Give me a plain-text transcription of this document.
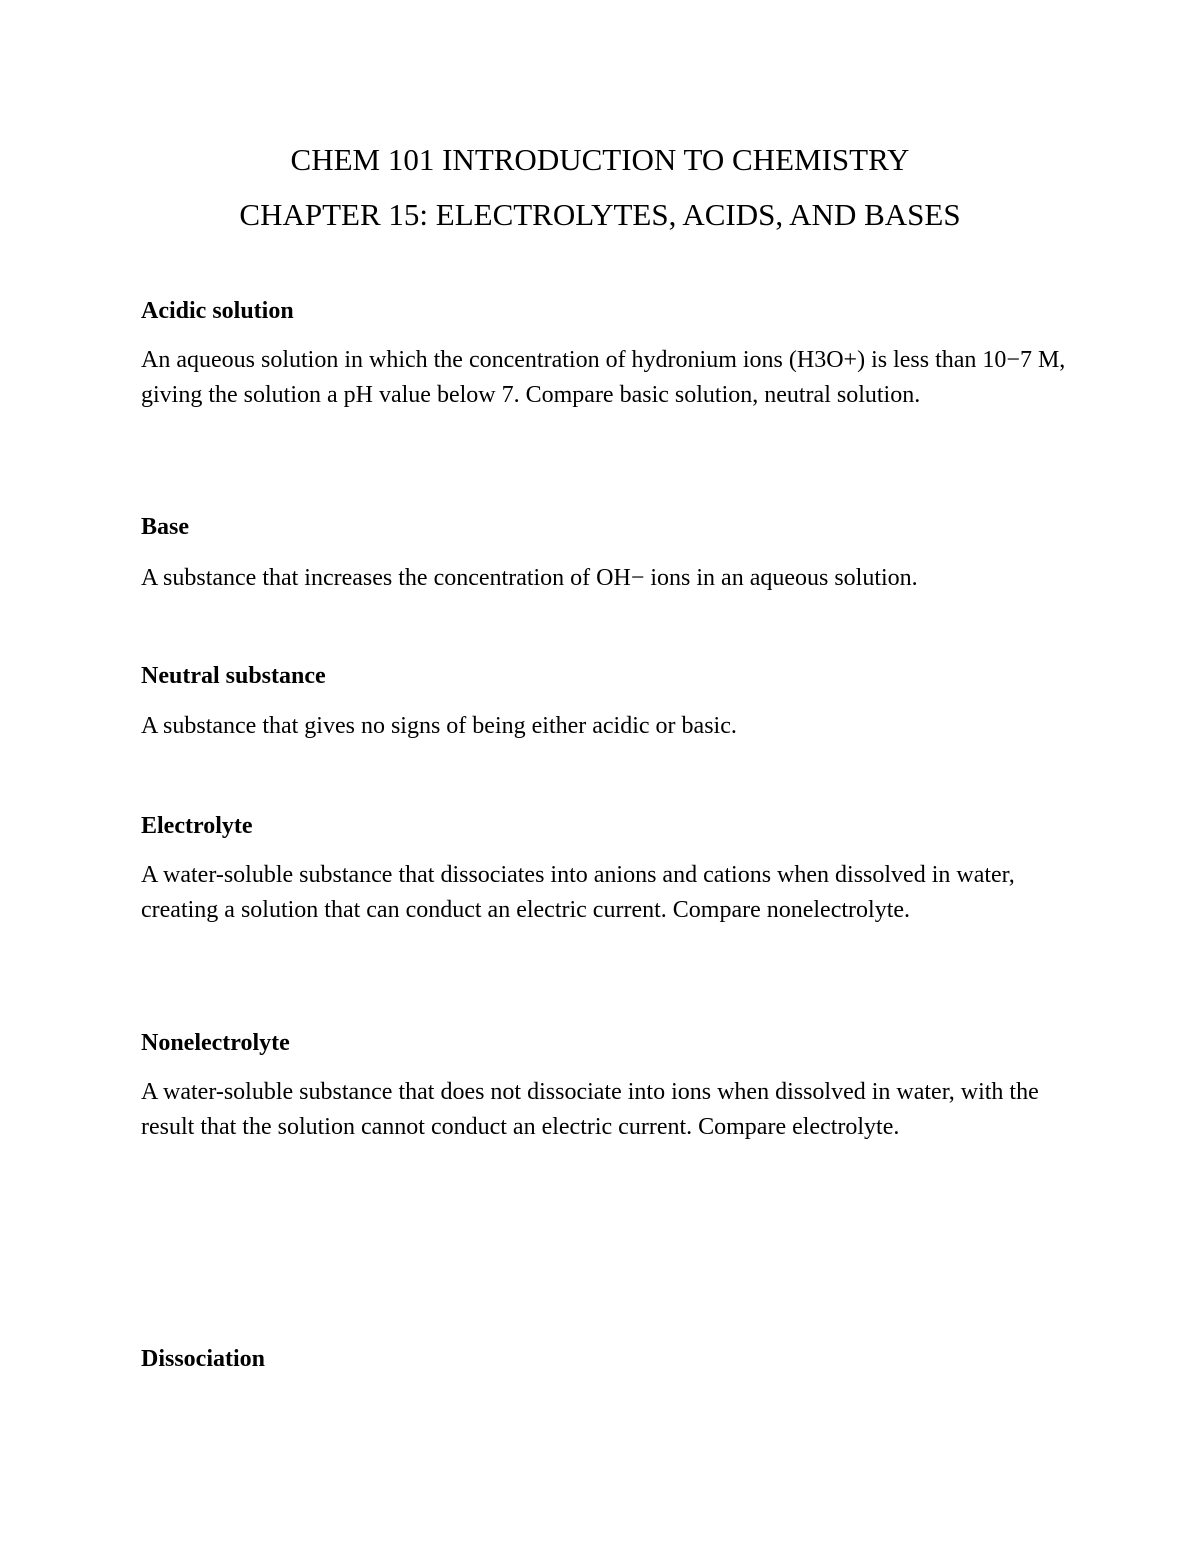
CHEM 101 INTRODUCTION TO CHEMISTRY
CHAPTER 15: ELECTROLYTES, ACIDS, AND BASES
Acidic solution
An aqueous solution in which the concentration of hydronium ions (H3O+) is less than 10−7 M, giving the solution a pH value below 7. Compare basic solution, neutral solution.
Base
A substance that increases the concentration of OH− ions in an aqueous solution.
Neutral substance
A substance that gives no signs of being either acidic or basic.
Electrolyte
A water-soluble substance that dissociates into anions and cations when dissolved in water, creating a solution that can conduct an electric current. Compare nonelectrolyte.
Nonelectrolyte
A water-soluble substance that does not dissociate into ions when dissolved in water, with the result that the solution cannot conduct an electric current. Compare electrolyte.
Dissociation
